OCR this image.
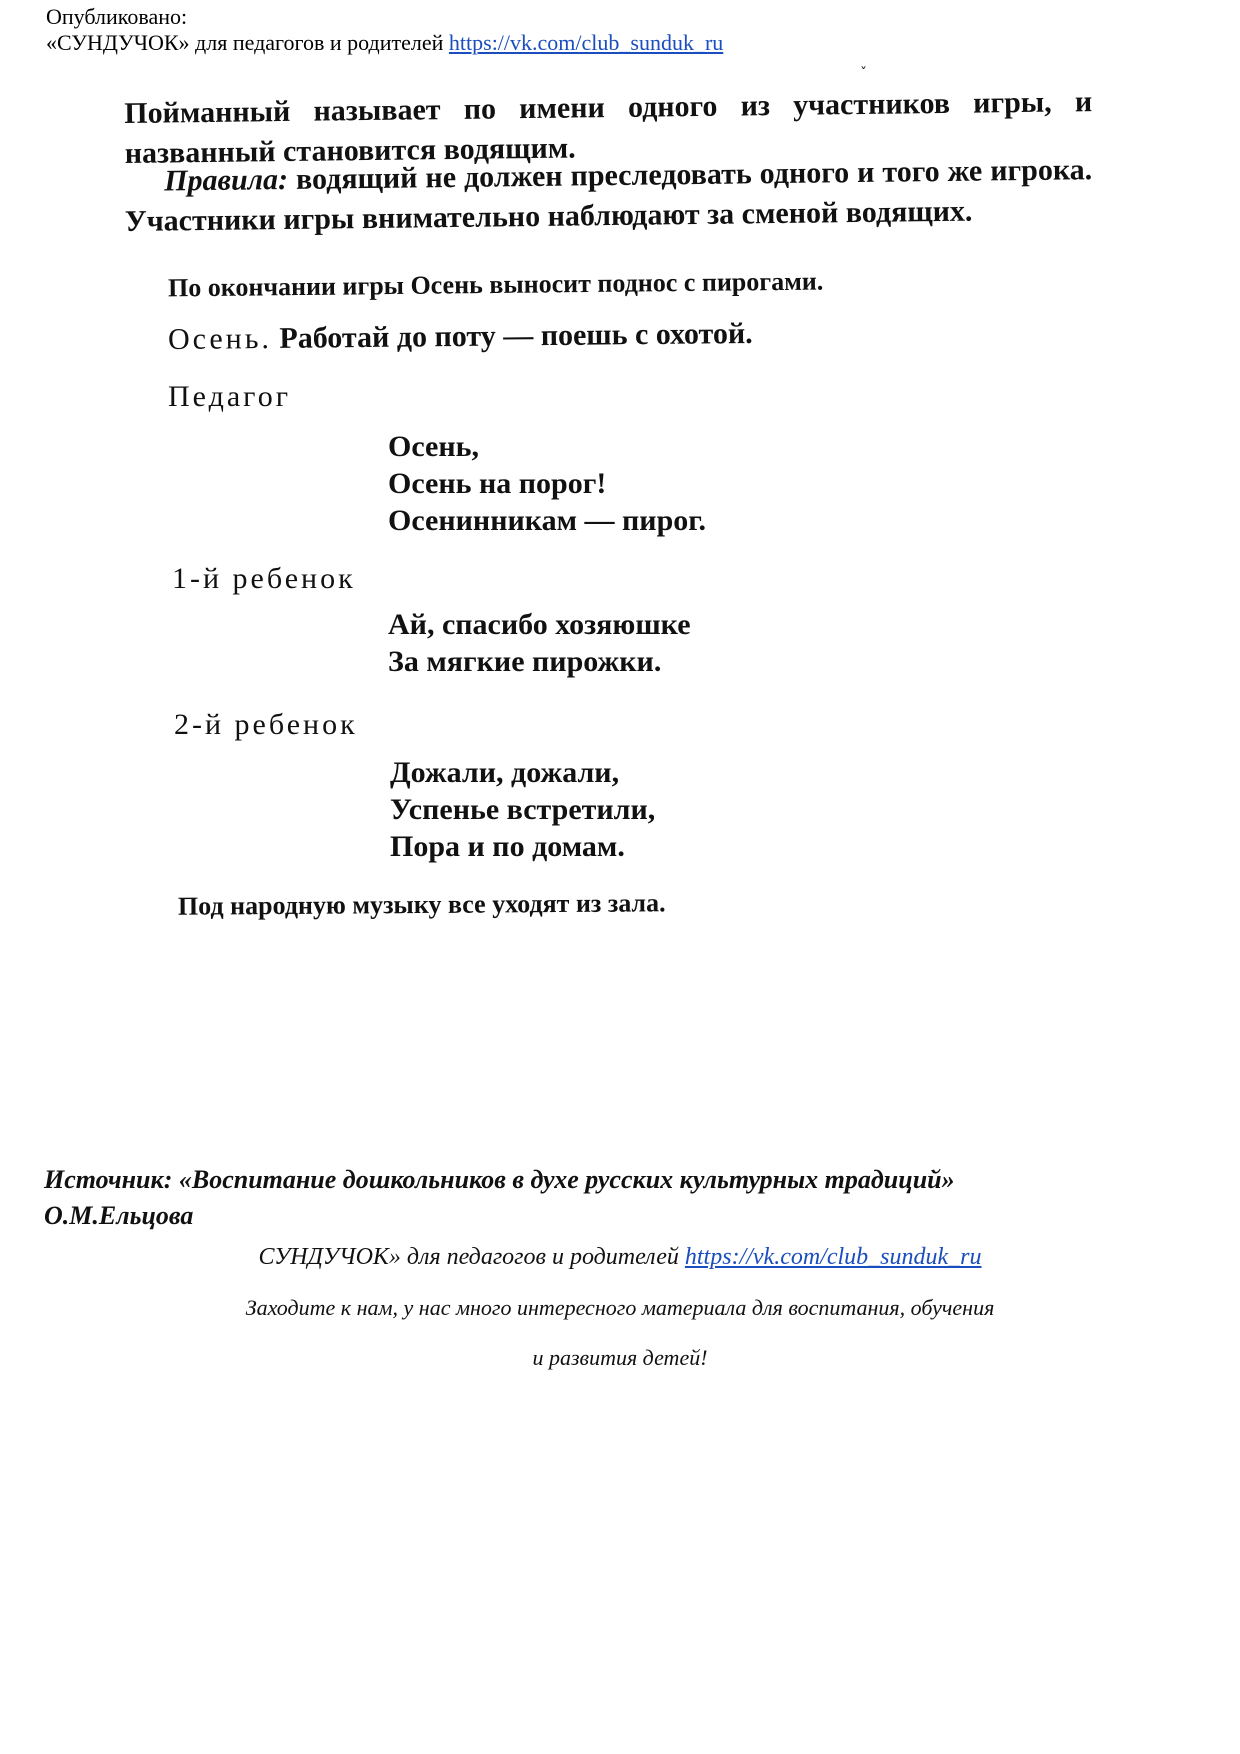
Опубликовано:
«СУНДУЧОК» для педагогов и родителей https://vk.com/club_sunduk_ru
ˇ
Пойманный называет по имени одного из участников игры, и названный становится водящим.
Правила: водящий не должен преследовать одного и того же игрока. Участники игры внимательно наблюдают за сменой водящих.
По окончании игры Осень выносит поднос с пирогами.
Осень. Работай до поту — поешь с охотой.
Педагог
Осень,
Осень на порог!
Осенинникам — пирог.
1-й ребенок
Ай, спасибо хозяюшке
За мягкие пирожки.
2-й ребенок
Дожали, дожали,
Успенье встретили,
Пора и по домам.
Под народную музыку все уходят из зала.
Источник: «Воспитание дошкольников в духе русских культурных традиций»
О.М.Ельцова
СУНДУЧОК» для педагогов и родителей https://vk.com/club_sunduk_ru
Заходите к нам, у нас много интересного материала для воспитания, обучения
и развития детей!
